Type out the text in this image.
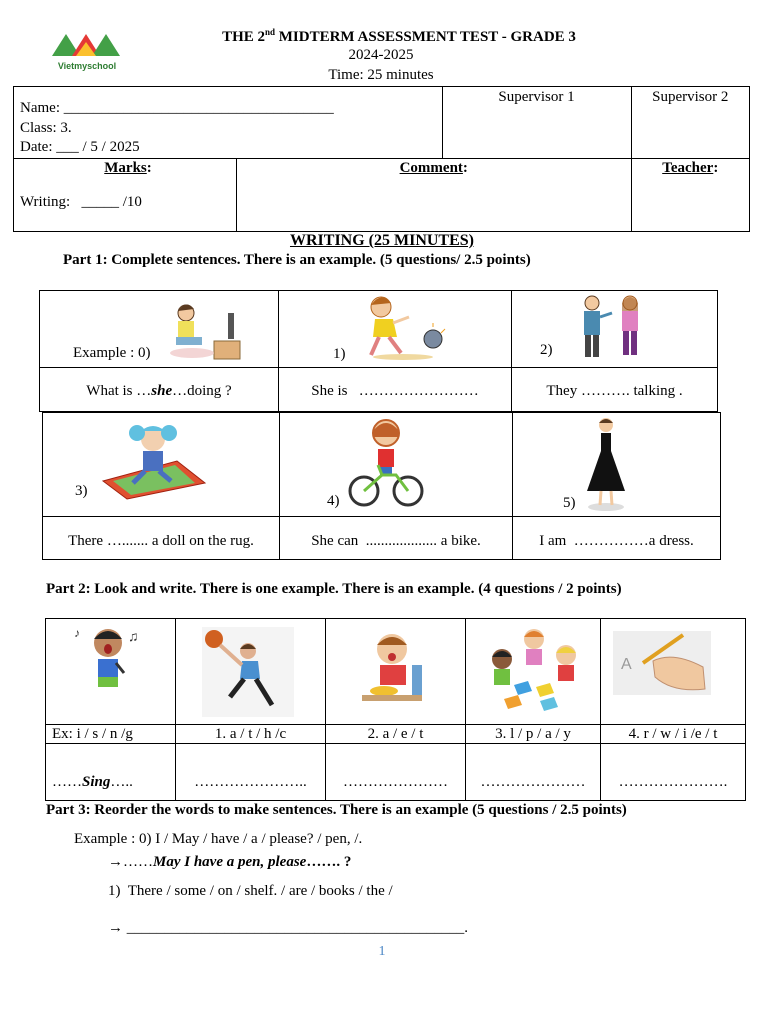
Vietmyschool
THE 2nd MIDTERM ASSESSMENT TEST - GRADE 3
2024-2025
Time: 25 minutes
Name: ____________________________________
Class: 3.
Date: ___ / 5 / 2025		Supervisor 1	Supervisor 2

Marks:
Writing:   _____ /10	Comment:		Teacher:
WRITING (25 MINUTES)
Part 1: Complete sentences. There is an example. (5 questions/ 2.5 points)
Example : 0)	1)	2)

What is …she…doing ?	She is   ……………………	They ………. talking .
3)	4)	5)

There …....... a doll on the rug.	She can  ................... a bike.	I am  ……………a dress.
Part 2: Look and write. There is one example. There is an example. (4 questions / 2 points)
♪ ♫				A

Ex: i / s / n /g	1. a / t / h /c	2. a / e / t	3. l / p / a / y	4. r / w / i /e / t
……Sing…..	…………………..	…………………	…………………	………………….
Part 3: Reorder the words to make sentences. There is an example (5 questions / 2.5 points)
Example : 0) I / May / have / a / please? / pen, /.
→……May I have a pen, please……. ?
1)  There / some / on / shelf. / are / books / the /
→ _____________________________________________.
1
